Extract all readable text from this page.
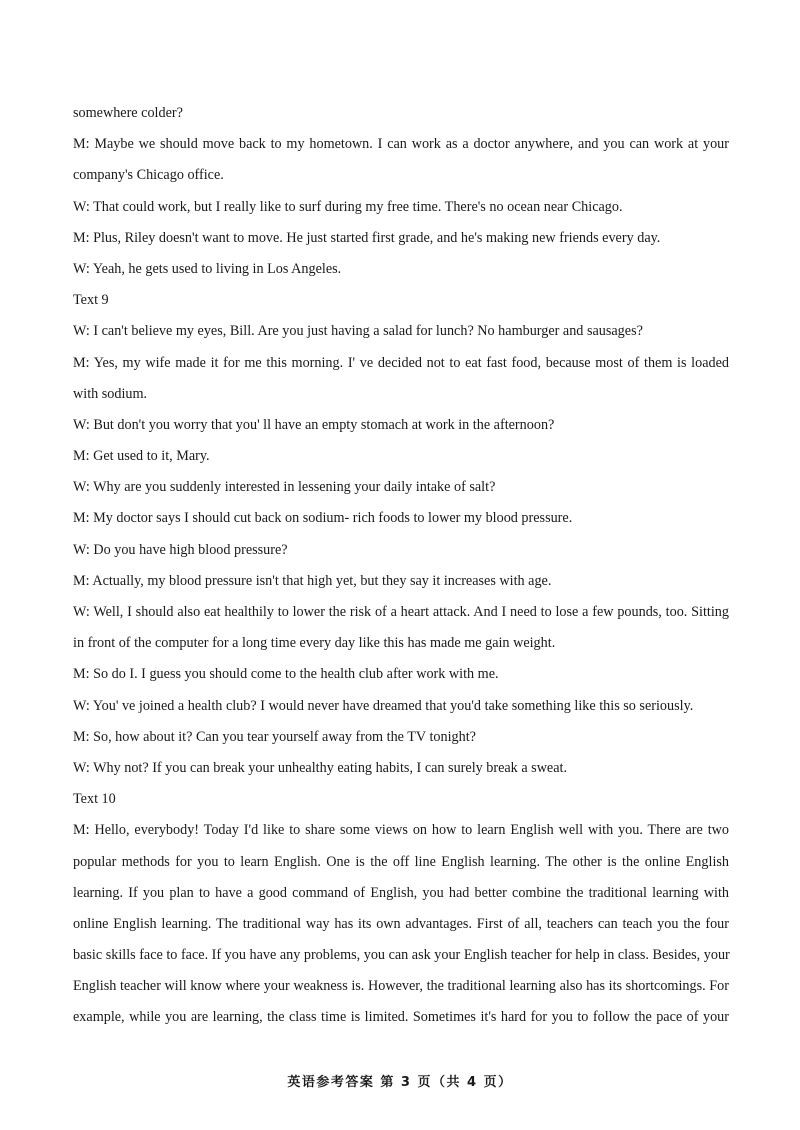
somewhere colder?
M: Maybe we should move back to my hometown. I can work as a doctor anywhere, and you can work at your
company's Chicago office.
W: That could work, but I really like to surf during my free time. There's no ocean near Chicago.
M: Plus, Riley doesn't want to move. He just started first grade, and he's making new friends every day.
W: Yeah, he gets used to living in Los Angeles.
Text 9
W: I can't believe my eyes, Bill. Are you just having a salad for lunch? No hamburger and sausages?
M: Yes, my wife made it for me this morning. I' ve decided not to eat fast food, because most of them is loaded
with sodium.
W: But don't you worry that you' ll have an empty stomach at work in the afternoon?
M: Get used to it, Mary.
W: Why are you suddenly interested in lessening your daily intake of salt?
M: My doctor says I should cut back on sodium- rich foods to lower my blood pressure.
W: Do you have high blood pressure?
M: Actually, my blood pressure isn't that high yet, but they say it increases with age.
W: Well, I should also eat healthily to lower the risk of a heart attack. And I need to lose a few pounds, too. Sitting
in front of the computer for a long time every day like this has made me gain weight.
M: So do I. I guess you should come to the health club after work with me.
W: You' ve joined a health club? I would never have dreamed that you'd take something like this so seriously.
M: So, how about it? Can you tear yourself away from the TV tonight?
W: Why not? If you can break your unhealthy eating habits, I can surely break a sweat.
Text 10
M: Hello, everybody! Today I'd like to share some views on how to learn English well with you. There are two
popular methods for you to learn English. One is the off line English learning. The other is the online English
learning. If you plan to have a good command of English, you had better combine the traditional learning with
online English learning. The traditional way has its own advantages. First of all, teachers can teach you the four
basic skills face to face. If you have any problems, you can ask your English teacher for help in class. Besides, your
English teacher will know where your weakness is. However, the traditional learning also has its shortcomings. For
example, while you are learning, the class time is limited. Sometimes it's hard for you to follow the pace of your
英语参考答案 第 3 页（共 4 页）
